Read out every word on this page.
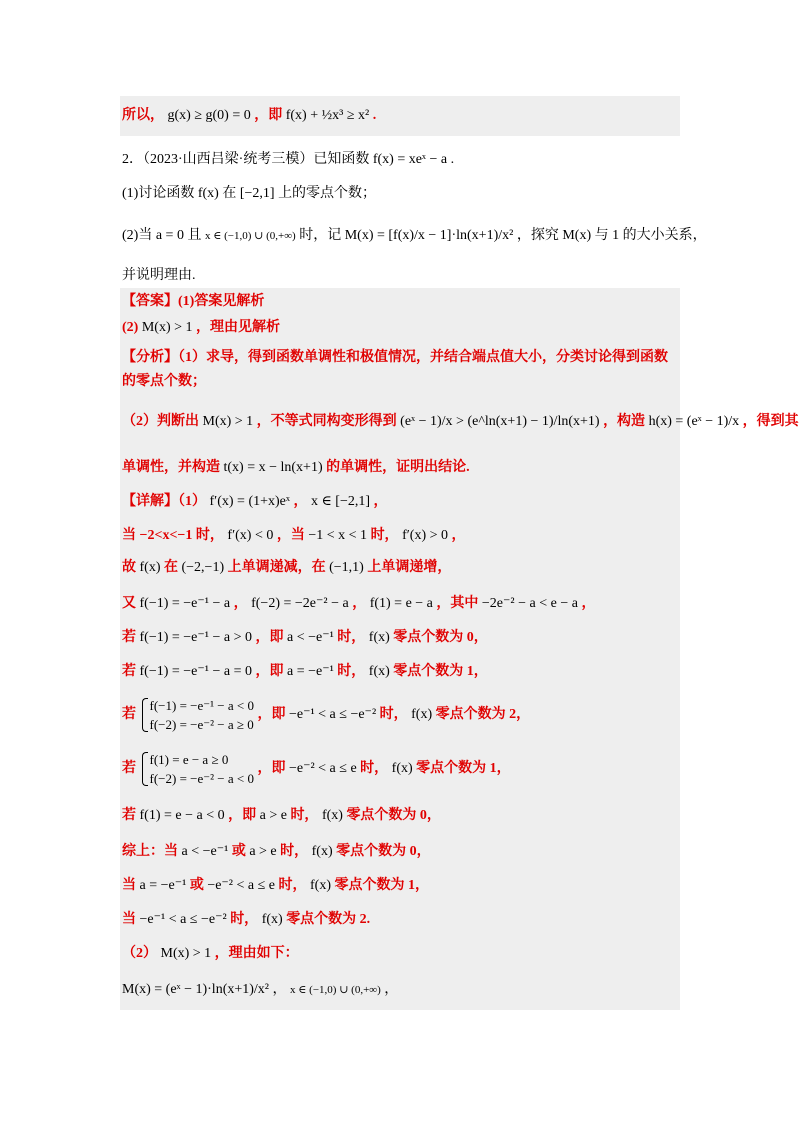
所以， g(x) ≥ g(0) = 0 ，即 f(x) + ½x³ ≥ x² .
2．（2023·山西吕梁·统考三模）已知函数 f(x) = xeˣ − a .
(1)讨论函数 f(x) 在 [−2,1] 上的零点个数；
(2)当 a = 0 且 x ∈ (−1,0) ∪ (0,+∞) 时，记 M(x) = [f(x)/x − 1]·ln(x+1)/x² ，探究 M(x) 与 1 的大小关系，
并说明理由.
【答案】(1)答案见解析
(2) M(x) > 1 ，理由见解析
【分析】（1）求导，得到函数单调性和极值情况，并结合端点值大小，分类讨论得到函数
的零点个数；
（2）判断出 M(x) > 1 ，不等式同构变形得到 (eˣ − 1)/x > (e^ln(x+1) − 1)/ln(x+1) ，构造 h(x) = (eˣ − 1)/x ，得到其
单调性，并构造 t(x) = x − ln(x+1) 的单调性，证明出结论.
【详解】（1） f′(x) = (1+x)eˣ ， x ∈ [−2,1] ，
当 −2<x<−1 时， f′(x) < 0 ，当 −1 < x < 1 时， f′(x) > 0 ，
故 f(x) 在 (−2,−1) 上单调递减，在 (−1,1) 上单调递增，
又 f(−1) = −e⁻¹ − a ， f(−2) = −2e⁻² − a ， f(1) = e − a ，其中 −2e⁻² − a < e − a ，
若 f(−1) = −e⁻¹ − a > 0 ，即 a < −e⁻¹ 时， f(x) 零点个数为 0，
若 f(−1) = −e⁻¹ − a = 0 ，即 a = −e⁻¹ 时， f(x) 零点个数为 1，
若
f(−1) = −e⁻¹ − a < 0
f(−2) = −e⁻² − a ≥ 0
，即 −e⁻¹ < a ≤ −e⁻² 时， f(x) 零点个数为 2，
若
f(1) = e − a ≥ 0
f(−2) = −e⁻² − a < 0
，即 −e⁻² < a ≤ e 时， f(x) 零点个数为 1，
若 f(1) = e − a < 0 ，即 a > e 时， f(x) 零点个数为 0，
综上：当 a < −e⁻¹ 或 a > e 时， f(x) 零点个数为 0，
当 a = −e⁻¹ 或 −e⁻² < a ≤ e 时， f(x) 零点个数为 1，
当 −e⁻¹ < a ≤ −e⁻² 时， f(x) 零点个数为 2.
（2） M(x) > 1 ，理由如下：
M(x) = (eˣ − 1)·ln(x+1)/x² ， x ∈ (−1,0) ∪ (0,+∞) ，
